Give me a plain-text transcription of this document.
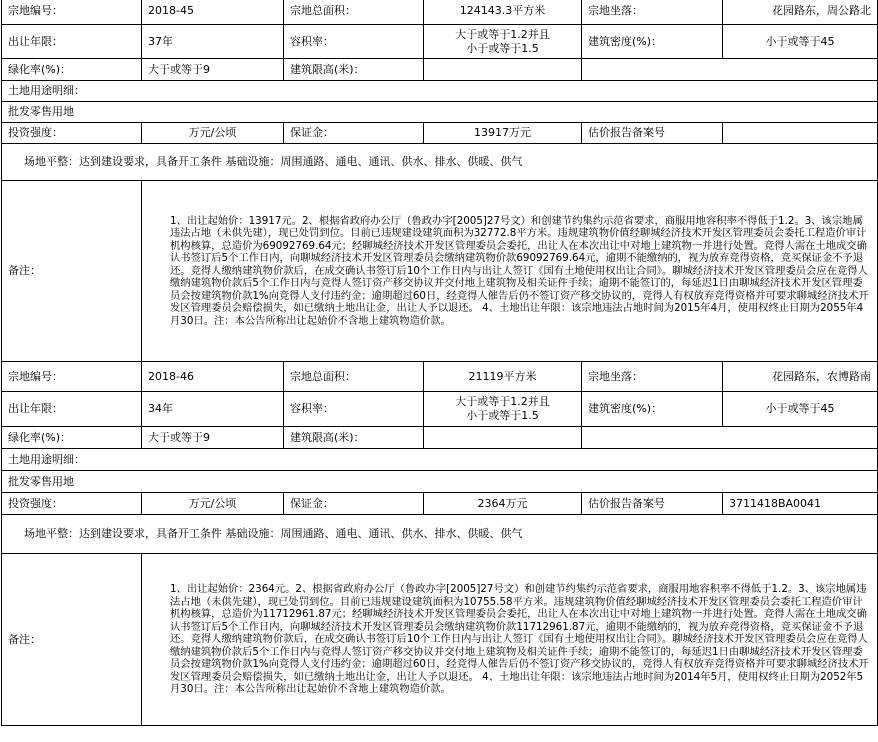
宗地编号：	2018-45	宗地总面积：	124143.3平方米	宗地坐落：	花园路东，周公路北
出让年限：	37年	容积率：	大于或等于1.2并且
小于或等于1.5	建筑密度(%)：	小于或等于45
绿化率(%)：	大于或等于9	建筑限高(米)：			
土地用途明细：					
批发零售用地					
投资强度：	万元/公顷	保证金：	13917万元	估价报告备案号	
场地平整：达到建设要求，具备开工条件 基础设施：周围通路、通电、通讯、供水、排水、供暖、供气					
备注：	1、出让起始价：13917元。2、根据省政府办公厅（鲁政办字[2005]27号文）和创建节约集约示范省要求，商服用地容积率不得低于1.2。3、该宗地属违法占地（未供先建），现已处罚到位。目前已违规建设建筑面积为32772.8平方米。违规建筑物价值经聊城经济技术开发区管理委员会委托工程造价审计机构核算，总造价为69092769.64元；经聊城经济技术开发区管理委员会委托，出让人在本次出让中对地上建筑物一并进行处置。竞得人需在土地成交确认书签订后5个工作日内，向聊城经济技术开发区管理委员会缴纳建筑物价款69092769.64元，逾期不能缴纳的，视为放弃竞得资格，竞买保证金不予退还。竞得人缴纳建筑物价款后，在成交确认书签订后10个工作日内与出让人签订《国有土地使用权出让合同》。聊城经济技术开发区管理委员会应在竞得人缴纳建筑物价款后5个工作日内与竞得人签订资产移交协议并交付地上建筑物及相关证件手续；逾期不能签订的，每延迟1日由聊城经济技术开发区管理委员会按建筑物价款1%向竞得人支付违约金；逾期超过60日，经竞得人催告后仍不签订资产移交协议的，竞得人有权放弃竞得资格并可要求聊城经济技术开发区管理委员会赔偿损失，如已缴纳土地出让金，出让人予以退还。 4、土地出让年限：该宗地违法占地时间为2015年4月，使用权终止日期为2055年4月30日。注：本公告所称出让起始价不含地上建筑物造价款。				
宗地编号：	2018-46	宗地总面积：	21119平方米	宗地坐落：	花园路东，农博路南
出让年限：	34年	容积率：	大于或等于1.2并且
小于或等于1.5	建筑密度(%)：	小于或等于45
绿化率(%)：	大于或等于9	建筑限高(米)：			
土地用途明细：					
批发零售用地					
投资强度：	万元/公顷	保证金：	2364万元	估价报告备案号	3711418BA0041
场地平整：达到建设要求，具备开工条件 基础设施：周围通路、通电、通讯、供水、排水、供暖、供气					
备注：	1、出让起始价：2364元。2、根据省政府办公厅（鲁政办字[2005]27号文）和创建节约集约示范省要求，商服用地容积率不得低于1.2。3、该宗地属违法占地（未供先建），现已处罚到位。目前已违规建设建筑面积为10755.58平方米。违规建筑物价值经聊城经济技术开发区管理委员会委托工程造价审计机构核算，总造价为11712961.87元；经聊城经济技术开发区管理委员会委托，出让人在本次出让中对地上建筑物一并进行处置。竞得人需在土地成交确认书签订后5个工作日内，向聊城经济技术开发区管理委员会缴纳建筑物价款11712961.87元，逾期不能缴纳的，视为放弃竞得资格，竞买保证金不予退还。竞得人缴纳建筑物价款后，在成交确认书签订后10个工作日内与出让人签订《国有土地使用权出让合同》。聊城经济技术开发区管理委员会应在竞得人缴纳建筑物价款后5个工作日内与竞得人签订资产移交协议并交付地上建筑物及相关证件手续；逾期不能签订的，每延迟1日由聊城经济技术开发区管理委员会按建筑物价款1%向竞得人支付违约金；逾期超过60日，经竞得人催告后仍不签订资产移交协议的，竞得人有权放弃竞得资格并可要求聊城经济技术开发区管理委员会赔偿损失，如已缴纳土地出让金，出让人予以退还。 4、土地出让年限：该宗地违法占地时间为2014年5月，使用权终止日期为2052年5月30日。注：本公告所称出让起始价不含地上建筑物造价款。				
